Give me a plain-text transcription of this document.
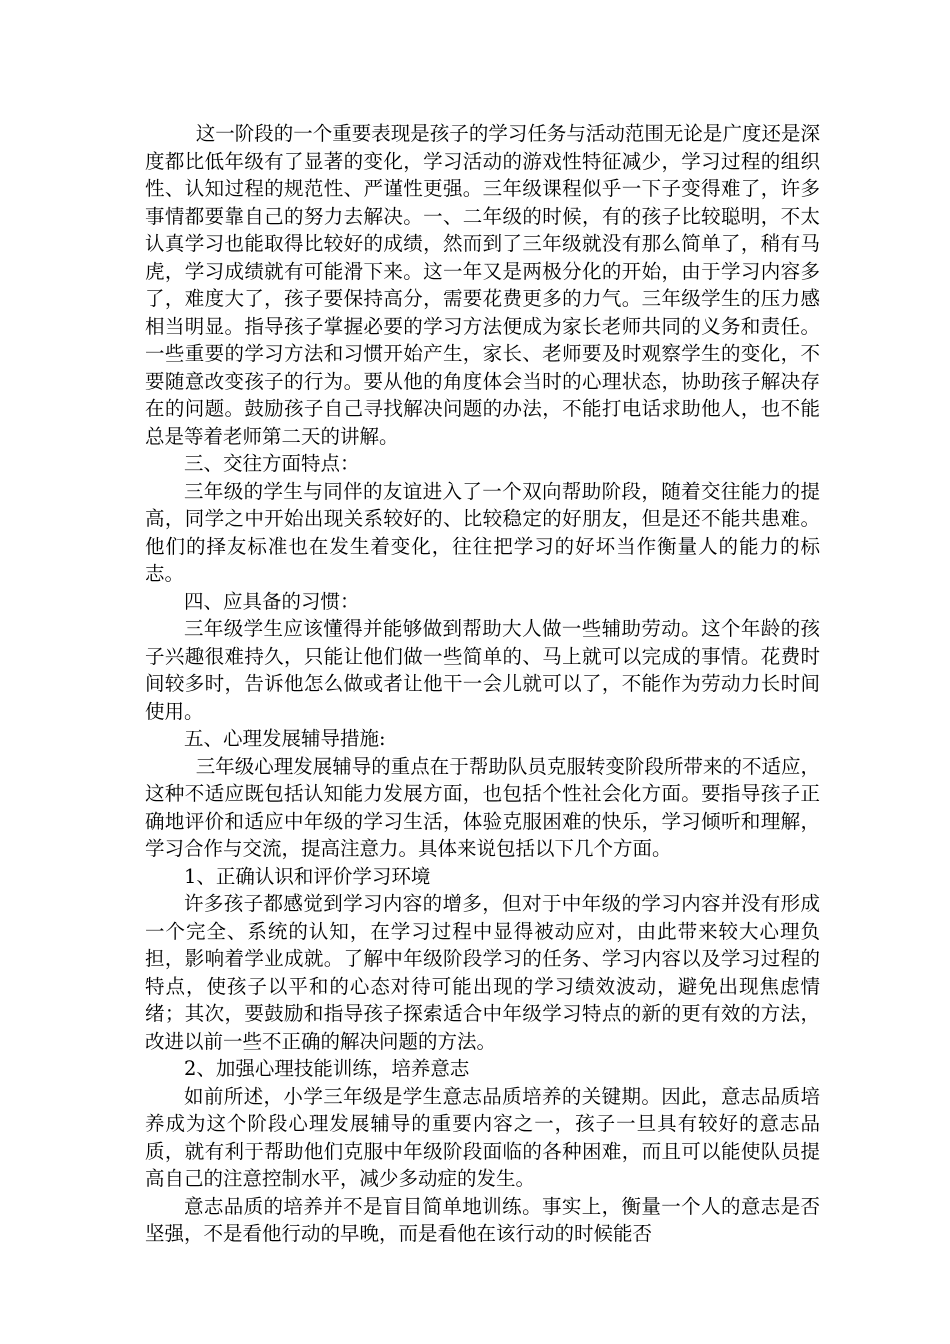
这一阶段的一个重要表现是孩子的学习任务与活动范围无论是广度还是深度都比低年级有了显著的变化，学习活动的游戏性特征减少，学习过程的组织性、认知过程的规范性、严谨性更强。三年级课程似乎一下子变得难了，许多事情都要靠自己的努力去解决。一、二年级的时候，有的孩子比较聪明，不太认真学习也能取得比较好的成绩，然而到了三年级就没有那么简单了，稍有马虎，学习成绩就有可能滑下来。这一年又是两极分化的开始，由于学习内容多了，难度大了，孩子要保持高分，需要花费更多的力气。三年级学生的压力感相当明显。指导孩子掌握必要的学习方法便成为家长老师共同的义务和责任。一些重要的学习方法和习惯开始产生，家长、老师要及时观察学生的变化，不要随意改变孩子的行为。要从他的角度体会当时的心理状态，协助孩子解决存在的问题。鼓励孩子自己寻找解决问题的办法，不能打电话求助他人，也不能总是等着老师第二天的讲解。

三、交往方面特点：

三年级的学生与同伴的友谊进入了一个双向帮助阶段，随着交往能力的提高，同学之中开始出现关系较好的、比较稳定的好朋友，但是还不能共患难。他们的择友标准也在发生着变化，往往把学习的好坏当作衡量人的能力的标志。

四、应具备的习惯：

三年级学生应该懂得并能够做到帮助大人做一些辅助劳动。这个年龄的孩子兴趣很难持久，只能让他们做一些简单的、马上就可以完成的事情。花费时间较多时，告诉他怎么做或者让他干一会儿就可以了，不能作为劳动力长时间使用。

五、心理发展辅导措施:

三年级心理发展辅导的重点在于帮助队员克服转变阶段所带来的不适应，这种不适应既包括认知能力发展方面，也包括个性社会化方面。要指导孩子正确地评价和适应中年级的学习生活，体验克服困难的快乐，学习倾听和理解，学习合作与交流，提高注意力。具体来说包括以下几个方面。

1、正确认识和评价学习环境

许多孩子都感觉到学习内容的增多，但对于中年级的学习内容并没有形成一个完全、系统的认知，在学习过程中显得被动应对，由此带来较大心理负担，影响着学业成就。了解中年级阶段学习的任务、学习内容以及学习过程的特点，使孩子以平和的心态对待可能出现的学习绩效波动，避免出现焦虑情绪；其次，要鼓励和指导孩子探索适合中年级学习特点的新的更有效的方法，改进以前一些不正确的解决问题的方法。

2、加强心理技能训练，培养意志

如前所述，小学三年级是学生意志品质培养的关键期。因此，意志品质培养成为这个阶段心理发展辅导的重要内容之一，孩子一旦具有较好的意志品质，就有利于帮助他们克服中年级阶段面临的各种困难，而且可以能使队员提高自己的注意控制水平，减少多动症的发生。

意志品质的培养并不是盲目简单地训练。事实上，衡量一个人的意志是否坚强，不是看他行动的早晚，而是看他在该行动的时候能否
